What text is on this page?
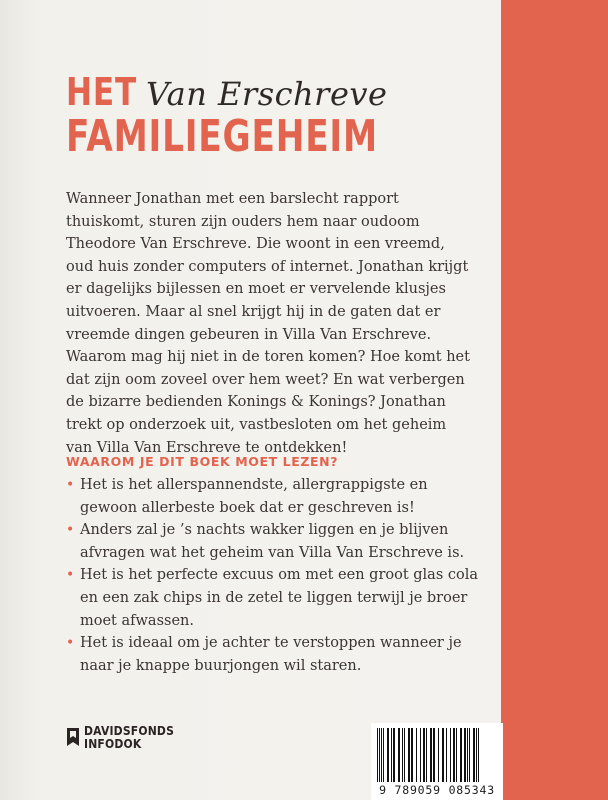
HET Van Erschreve
FAMILIEGEHEIM

Wanneer Jonathan met een barslecht rapport
thuiskomt, sturen zijn ouders hem naar oudoom
Theodore Van Erschreve. Die woont in een vreemd,
oud huis zonder computers of internet. Jonathan krijgt
er dagelijks bijlessen en moet er vervelende klusjes
uitvoeren. Maar al snel krijgt hij in de gaten dat er
vreemde dingen gebeuren in Villa Van Erschreve.
Waarom mag hij niet in de toren komen? Hoe komt het
dat zijn oom zoveel over hem weet? En wat verbergen
de bizarre bedienden Konings & Konings? Jonathan
trekt op onderzoek uit, vastbesloten om het geheim
van Villa Van Erschreve te ontdekken!

WAAROM JE DIT BOEK MOET LEZEN?
• Het is het allerspannendste, allergrappigste en
gewoon allerbeste boek dat er geschreven is!
• Anders zal je ’s nachts wakker liggen en je blijven
afvragen wat het geheim van Villa Van Erschreve is.
• Het is het perfecte excuus om met een groot glas cola
en een zak chips in de zetel te liggen terwijl je broer
moet afwassen.
• Het is ideaal om je achter te verstoppen wanneer je
naar je knappe buurjongen wil staren.
DAVIDSFONDS
INFODOK
9 789059 085343
